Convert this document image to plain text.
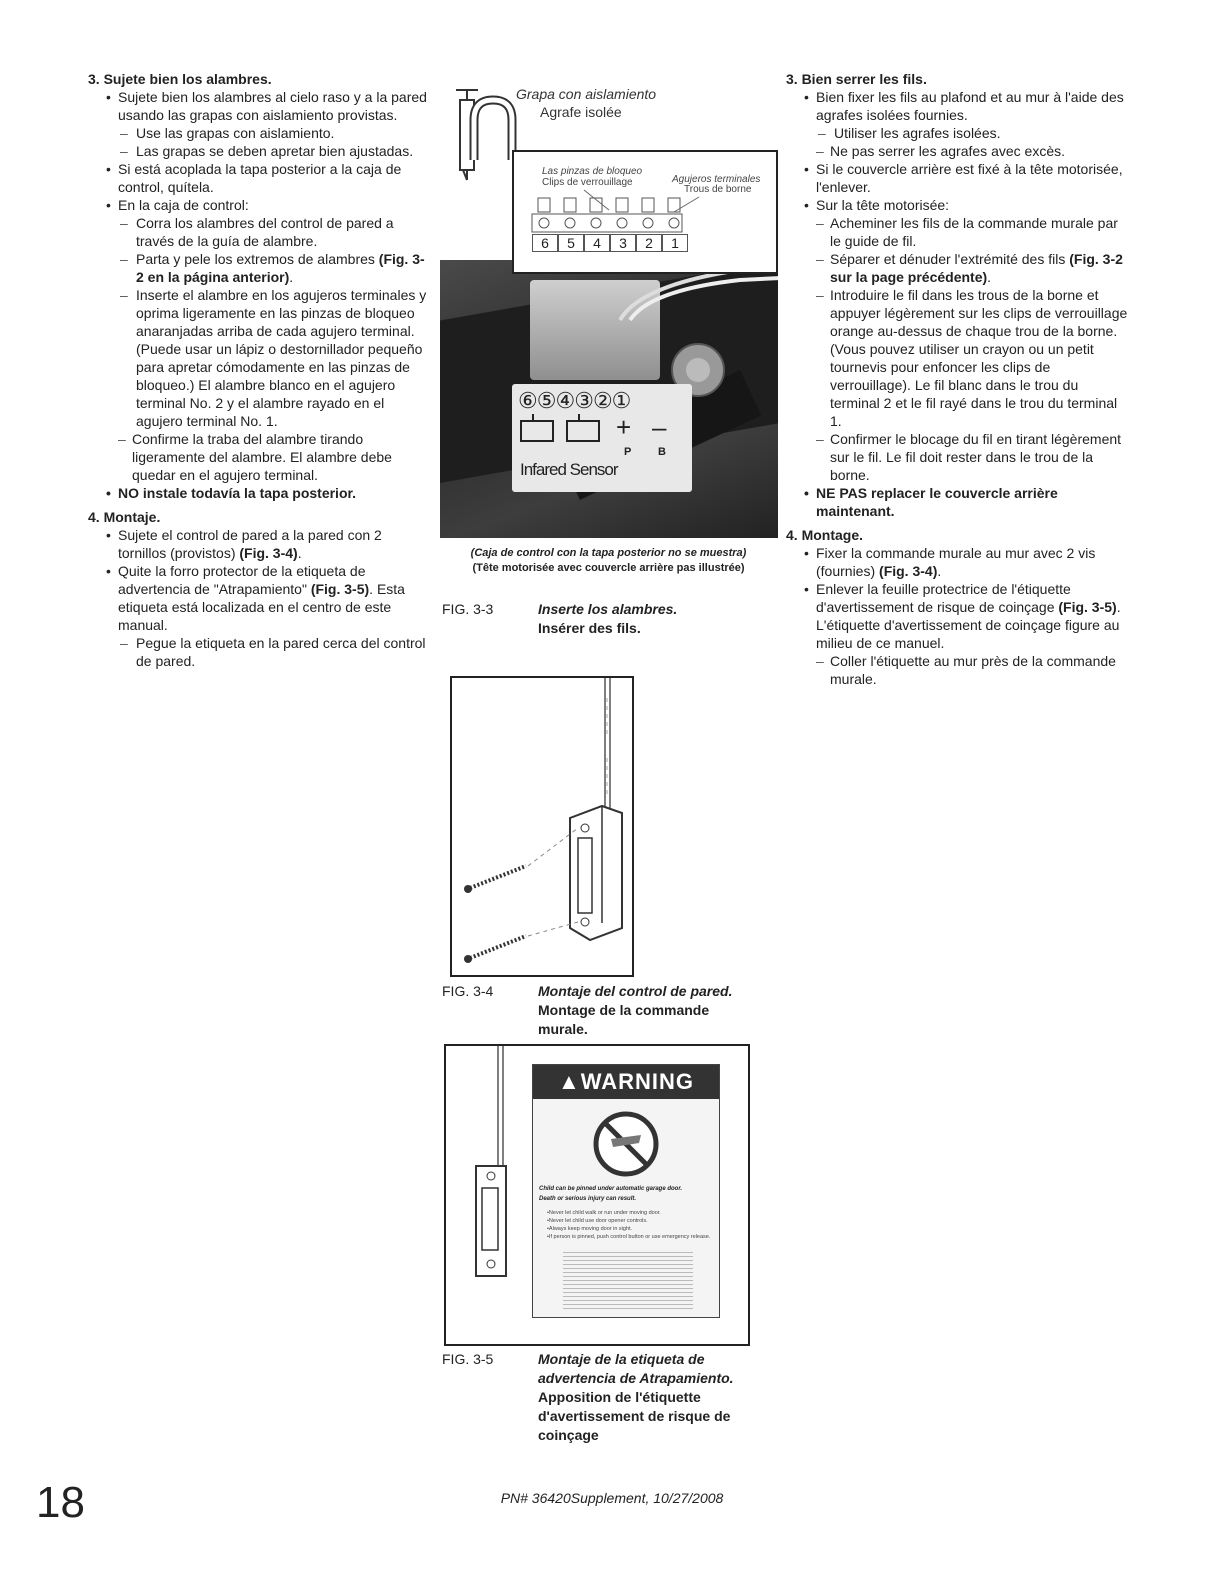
3. Sujete bien los alambres.
• Sujete bien los alambres al cielo raso y a la pared usando las grapas con aislamiento provistas.
– Use las grapas con aislamiento.
– Las grapas se deben apretar bien ajustadas.
• Si está acoplada la tapa posterior a la caja de control, quítela.
• En la caja de control:
– Corra los alambres del control de pared a través de la guía de alambre.
– Parta y pele los extremos de alambres (Fig. 3-2 en la página anterior).
– Inserte el alambre en los agujeros terminales y oprima ligeramente en las pinzas de bloqueo anaranjadas arriba de cada agujero terminal. (Puede usar un lápiz o destornillador pequeño para apretar cómodamente en las pinzas de bloqueo.) El alambre blanco en el agujero terminal No. 2 y el alambre rayado en el agujero terminal No. 1.
– Confirme la traba del alambre tirando ligeramente del alambre. El alambre debe quedar en el agujero terminal.
• NO instale todavía la tapa posterior.
4. Montaje.
• Sujete el control de pared a la pared con 2 tornillos (provistos) (Fig. 3-4).
• Quite la forro protector de la etiqueta de advertencia de "Atrapamiento" (Fig. 3-5). Esta etiqueta está localizada en el centro de este manual.
– Pegue la etiqueta en la pared cerca del control de pared.
3. Bien serrer les fils.
• Bien fixer les fils au plafond et au mur à l'aide des agrafes isolées fournies.
– Utiliser les agrafes isolées.
– Ne pas serrer les agrafes avec excès.
• Si le couvercle arrière est fixé à la tête motorisée, l'enlever.
• Sur la tête motorisée:
– Acheminer les fils de la commande murale par le guide de fil.
– Séparer et dénuder l'extrémité des fils (Fig. 3-2 sur la page précédente).
– Introduire le fil dans les trous de la borne et appuyer légèrement sur les clips de verrouillage orange au-dessus de chaque trou de la borne. (Vous pouvez utiliser un crayon ou un petit tournevis pour enfoncer les clips de verrouillage). Le fil blanc dans le trou du terminal 2 et le fil rayé dans le trou du terminal 1.
– Confirmer le blocage du fil en tirant légèrement sur le fil. Le fil doit rester dans le trou de la borne.
• NE PAS replacer le couvercle arrière maintenant.
4. Montage.
• Fixer la commande murale au mur avec 2 vis (fournies) (Fig. 3-4).
• Enlever la feuille protectrice de l'étiquette d'avertissement de risque de coinçage (Fig. 3-5). L'étiquette d'avertissement de coinçage figure au milieu de ce manuel.
– Coller l'étiquette au mur près de la commande murale.
Grapa con aislamiento
Agrafe isolée
⑥⑤④③②①
+ –
P B
Infared Sensor
Las pinzas de bloqueo
Clips de verrouillage	Agujeros terminales
Trous de borne
6	5	4	3	2	1
(Caja de control con la tapa posterior no se muestra)
(Tête motorisée avec couvercle arrière pas illustrée)
FIG. 3-3	Inserte los alambres.
Insérer des fils.
FIG. 3-4	Montaje del control de pared.
Montage de la commande
murale.
▲WARNING
Child can be pinned under automatic garage door.
Death or serious injury can result.
•Never let child walk or run under moving door.
•Never let child use door opener controls.
•Always keep moving door in sight.
•If person is pinned, push control button or use emergency release.
FIG. 3-5	Montaje de la etiqueta de
advertencia de Atrapamiento.
Apposition de l'étiquette
d'avertissement de risque de
coinçage
18	PN# 36420Supplement, 10/27/2008
